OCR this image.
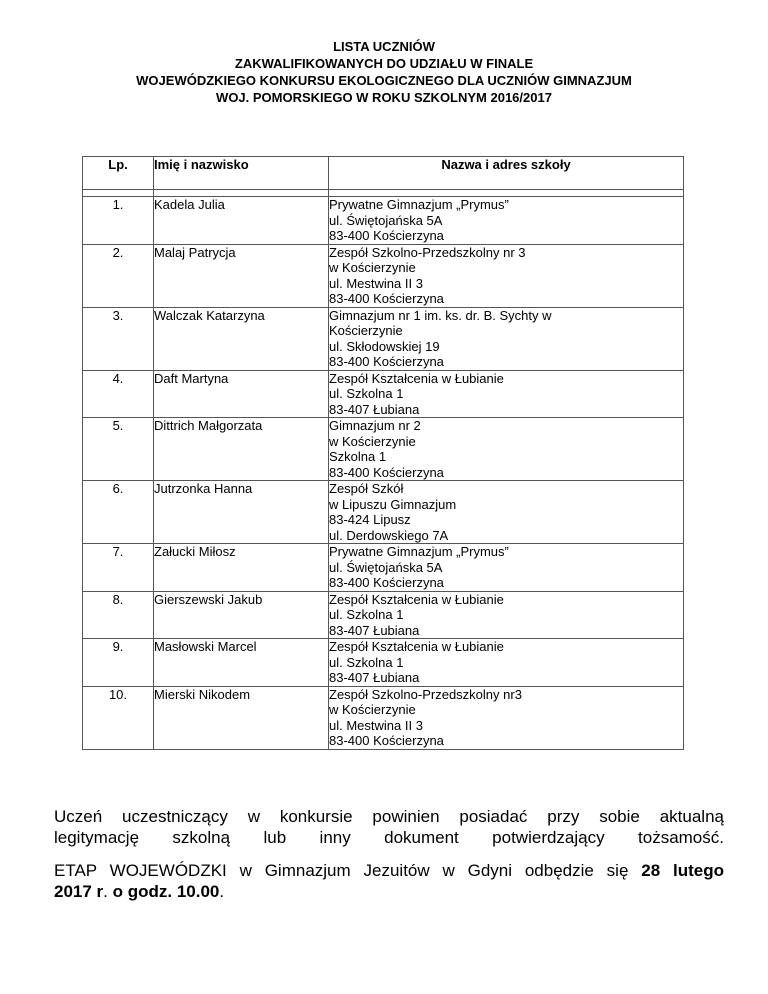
LISTA UCZNIÓW
ZAKWALIFIKOWANYCH DO UDZIAŁU W FINALE
WOJEWÓDZKIEGO KONKURSU EKOLOGICZNEGO DLA UCZNIÓW GIMNAZJUM
WOJ. POMORSKIEGO W ROKU SZKOLNYM 2016/2017
Lp.	Imię i nazwisko	Nazwa i adres szkoły

1.	Kadela Julia	Prywatne Gimnazjum „Prymus”
ul. Świętojańska 5A
83-400 Kościerzyna

2.	Malaj Patrycja	Zespół Szkolno-Przedszkolny nr 3
w Kościerzynie
ul. Mestwina II 3
83-400 Kościerzyna

3.	Walczak Katarzyna	Gimnazjum nr 1 im. ks. dr. B. Sychty w
Kościerzynie
ul. Skłodowskiej 19
83-400 Kościerzyna

4.	Daft Martyna	Zespół Kształcenia w Łubianie
ul. Szkolna 1
83-407 Łubiana

5.	Dittrich Małgorzata	Gimnazjum nr 2
w Kościerzynie
Szkolna 1
83-400 Kościerzyna

6.	Jutrzonka Hanna	Zespół Szkół
w Lipuszu Gimnazjum
83-424 Lipusz
ul. Derdowskiego 7A

7.	Załucki Miłosz	Prywatne Gimnazjum „Prymus”
ul. Świętojańska 5A
83-400 Kościerzyna

8.	Gierszewski Jakub	Zespół Kształcenia w Łubianie
ul. Szkolna 1
83-407 Łubiana

9.	Masłowski Marcel	Zespół Kształcenia w Łubianie
ul. Szkolna 1
83-407 Łubiana

10.	Mierski Nikodem	Zespół Szkolno-Przedszkolny nr3
w Kościerzynie
ul. Mestwina II 3
83-400 Kościerzyna
Uczeń uczestniczący w konkursie powinien posiadać przy sobie aktualną
legitymację szkolną lub inny dokument potwierdzający tożsamość.
ETAP WOJEWÓDZKI w Gimnazjum Jezuitów w Gdyni odbędzie się 28 lutego
2017 r. o godz. 10.00.
